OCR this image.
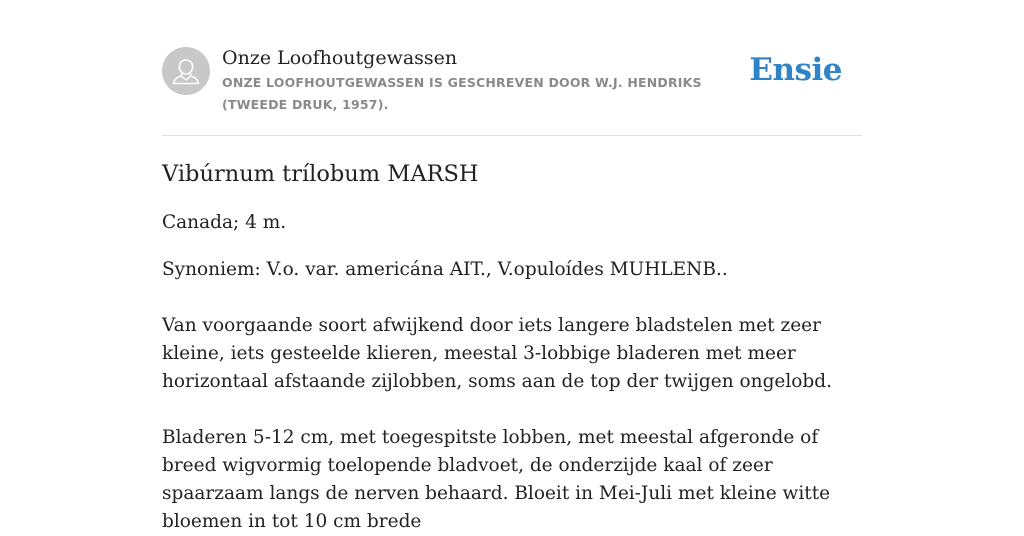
Onze Loofhoutgewassen
ONZE LOOFHOUTGEWASSEN IS GESCHREVEN DOOR W.J. HENDRIKS (TWEEDE DRUK, 1957).
Ensie
Vibúrnum trílobum MARSH

Canada; 4 m.

Synoniem: V.o. var. americána AIT., V.opuloídes MUHLENB..

Van voorgaande soort afwijkend door iets langere bladstelen met zeer kleine, iets gesteelde klieren, meestal 3-lobbige bladeren met meer horizontaal afstaande zijlobben, soms aan de top der twijgen ongelobd.

Bladeren 5-12 cm, met toegespitste lobben, met meestal afgeronde of breed wigvormig toelopende bladvoet, de onderzijde kaal of zeer spaarzaam langs de nerven behaard. Bloeit in Mei-Juli met kleine witte bloemen in tot 10 cm brede
